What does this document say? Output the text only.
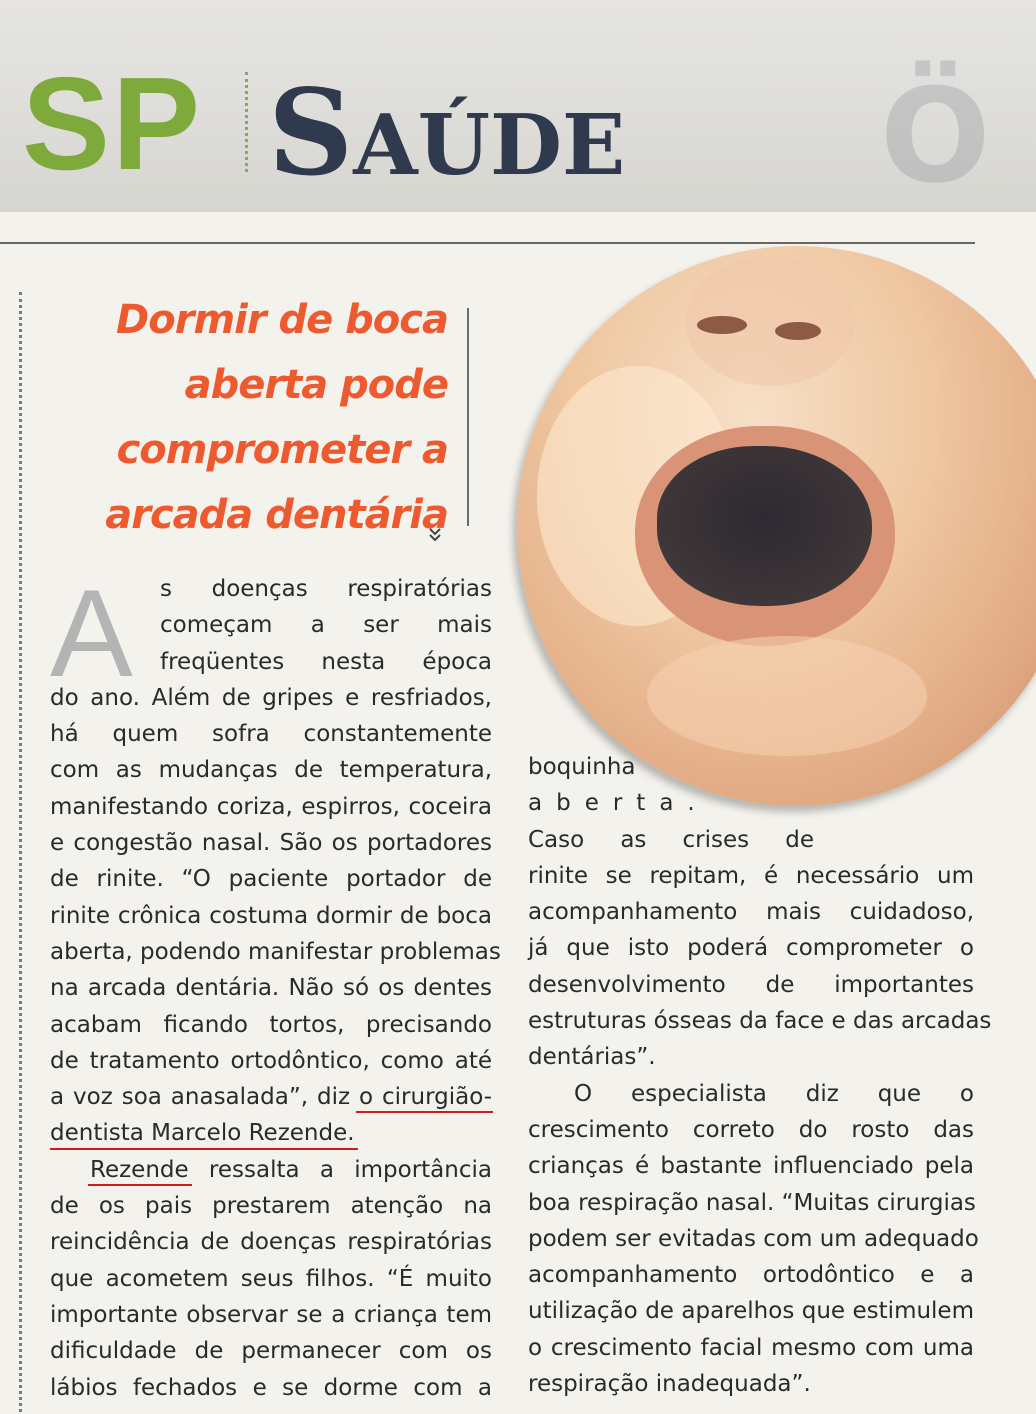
Ö
SP Saúde
Dormir de boca
aberta pode
comprometer a
arcada dentária
A s doenças respiratórias
começam a ser mais
freqüentes nesta época
do ano. Além de gripes e resfriados,
há quem sofra constantemente
com as mudanças de temperatura,
manifestando coriza, espirros, coceira
e congestão nasal. São os portadores
de rinite. “O paciente portador de
rinite crônica costuma dormir de boca
aberta, podendo manifestar problemas
na arcada dentária. Não só os dentes
acabam ficando tortos, precisando
de tratamento ortodôntico, como até
a voz soa anasalada”, diz o cirurgião-
dentista Marcelo Rezende.
Rezende ressalta a importância
de os pais prestarem atenção na
reincidência de doenças respiratórias
que acometem seus filhos. “É muito
importante observar se a criança tem
dificuldade de permanecer com os
lábios fechados e se dorme com a
boquinha
aberta.
Caso as crises de
rinite se repitam, é necessário um
acompanhamento mais cuidadoso,
já que isto poderá comprometer o
desenvolvimento de importantes
estruturas ósseas da face e das arcadas
dentárias”.
O especialista diz que o
crescimento correto do rosto das
crianças é bastante influenciado pela
boa respiração nasal. “Muitas cirurgias
podem ser evitadas com um adequado
acompanhamento ortodôntico e a
utilização de aparelhos que estimulem
o crescimento facial mesmo com uma
respiração inadequada”.
